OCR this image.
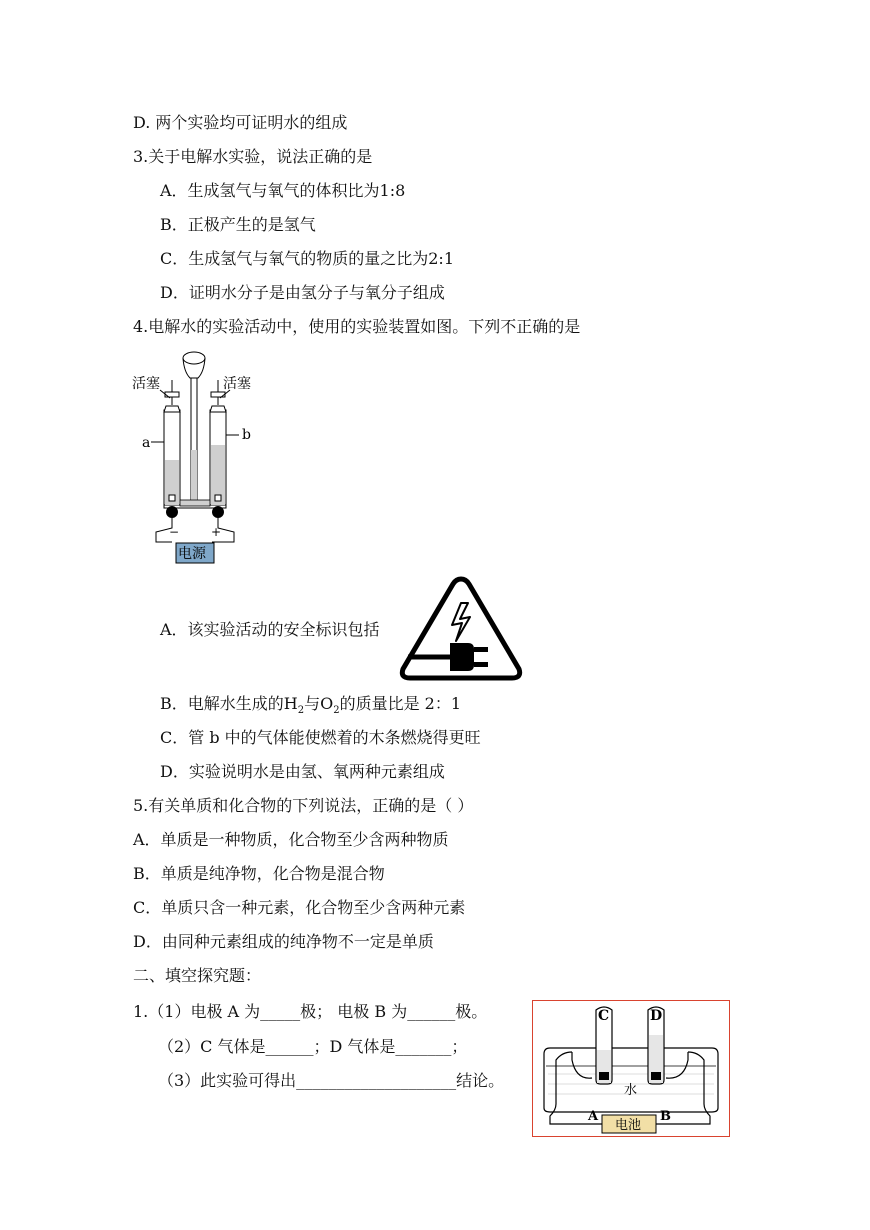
D. 两个实验均可证明水的组成
3.关于电解水实验，说法正确的是
A．生成氢气与氧气的体积比为1:8
B．正极产生的是氢气
C．生成氢气与氧气的物质的量之比为2:1
D．证明水分子是由氢分子与氧分子组成
4.电解水的实验活动中，使用的实验装置如图。下列不正确的是
活塞	活塞
a	b
−	+
电源
A．该实验活动的安全标识包括
B．电解水生成的$H_2$与$O_2$的质量比是 2：1
C．管 b 中的气体能使燃着的木条燃烧得更旺
D．实验说明水是由氢、氧两种元素组成
5.有关单质和化合物的下列说法，正确的是（ ）
A．单质是一种物质，化合物至少含两种物质
B．单质是纯净物，化合物是混合物
C．单质只含一种元素，化合物至少含两种元素
D．由同种元素组成的纯净物不一定是单质
二、填空探究题：
1.（1）电极 A 为_____极； 电极 B 为______极。
（2）C 气体是______；D 气体是_______；
（3）此实验可得出____________________结论。
C	D
水
A	B
电池
